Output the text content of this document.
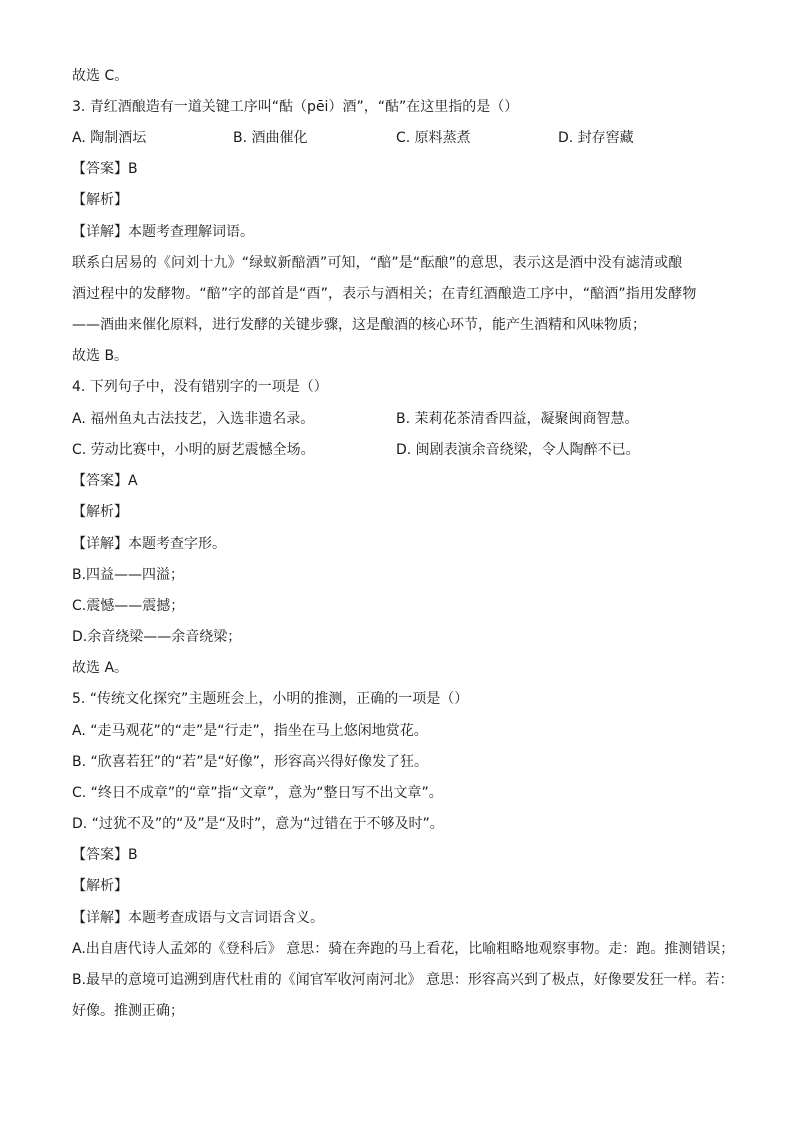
故选 C。
3. 青红酒酿造有一道关键工序叫“酤（pēi）酒”，“酤”在这里指的是（）
A. 陶制酒坛	B. 酒曲催化	C. 原料蒸煮	D. 封存窖藏
【答案】B
【解析】
【详解】本题考查理解词语。
联系白居易的《问刘十九》“绿蚁新醅酒”可知，“醅”是“酝酿”的意思，表示这是酒中没有滤清或酿
酒过程中的发酵物。“醅”字的部首是“酉”，表示与酒相关；在青红酒酿造工序中，“醅酒”指用发酵物
——酒曲来催化原料，进行发酵的关键步骤，这是酿酒的核心环节，能产生酒精和风味物质；
故选 B。
4. 下列句子中，没有错别字的一项是（）
A. 福州鱼丸古法技艺，入选非遗名录。	B. 茉莉花茶清香四益，凝聚闽商智慧。
C. 劳动比赛中，小明的厨艺震憾全场。	D. 闽剧表演余音绕梁，令人陶醉不已。
【答案】A
【解析】
【详解】本题考查字形。
B.四益——四溢；
C.震憾——震撼；
D.余音绕梁——余音绕梁；
故选 A。
5. “传统文化探究”主题班会上，小明的推测，正确的一项是（）
A. “走马观花”的“走”是“行走”，指坐在马上悠闲地赏花。
B. “欣喜若狂”的“若”是“好像”，形容高兴得好像发了狂。
C. “终日不成章”的“章”指“文章”，意为“整日写不出文章”。
D. “过犹不及”的“及”是“及时”，意为“过错在于不够及时”。
【答案】B
【解析】
【详解】本题考查成语与文言词语含义。
A.出自唐代诗人孟郊的《登科后》 意思：骑在奔跑的马上看花，比喻粗略地观察事物。走：跑。推测错误；
B.最早的意境可追溯到唐代杜甫的《闻官军收河南河北》 意思：形容高兴到了极点，好像要发狂一样。若：
好像。推测正确；
